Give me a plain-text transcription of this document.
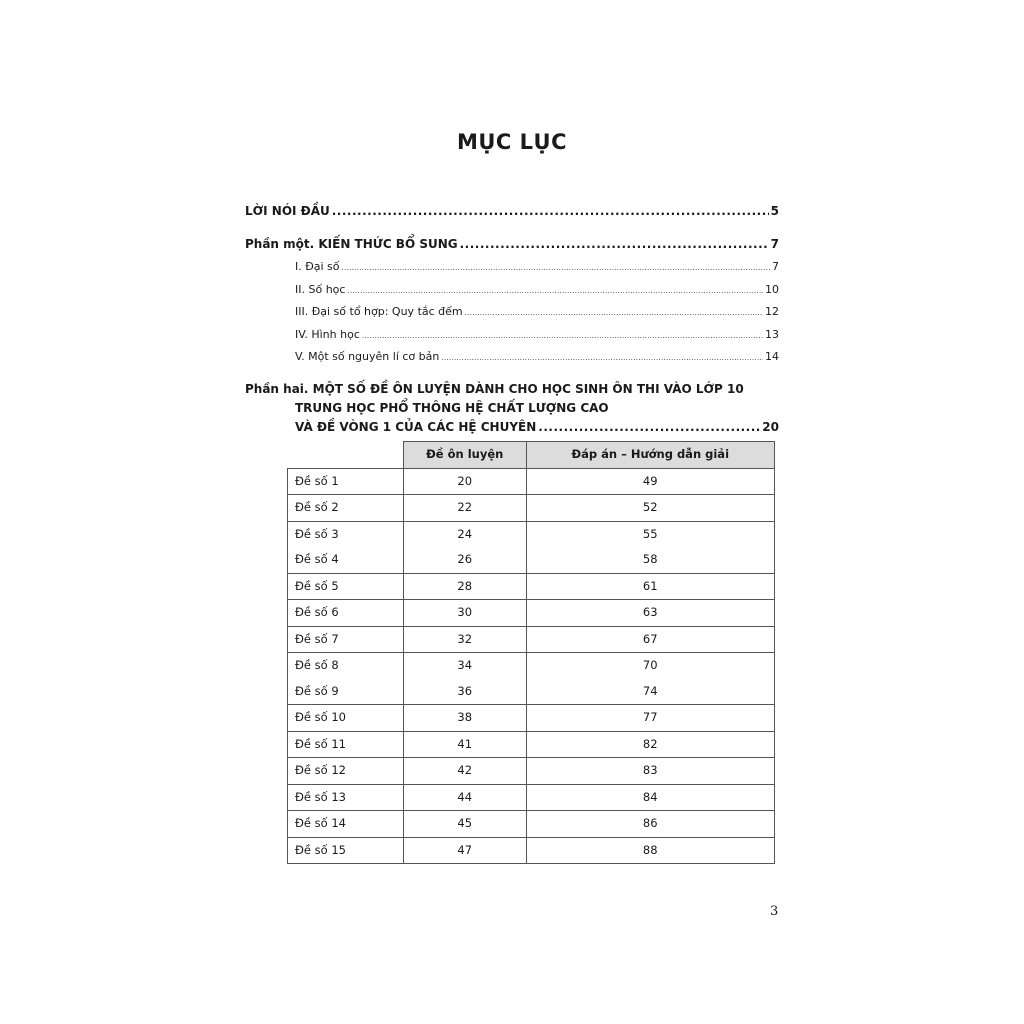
MỤC LỤC
LỜI NÓI ĐẦU .....	5
Phần một. KIẾN THỨC BỔ SUNG .....	7
I. Đại số .....	7
II. Số học .....	10
III. Đại số tổ hợp: Quy tắc đếm .....	12
IV. Hình học .....	13
V. Một số nguyên lí cơ bản .....	14
Phần hai. MỘT SỐ ĐỀ ÔN LUYỆN DÀNH CHO HỌC SINH ÔN THI VÀO LỚP 10
TRUNG HỌC PHỔ THÔNG HỆ CHẤT LƯỢNG CAO
VÀ ĐỀ VÒNG 1 CỦA CÁC HỆ CHUYÊN .....	20
	Đề ôn luyện	Đáp án – Hướng dẫn giải
Đề số 1	20	49
Đề số 2	22	52
Đề số 3	24	55
Đề số 4	26	58
Đề số 5	28	61
Đề số 6	30	63
Đề số 7	32	67
Đề số 8	34	70
Đề số 9	36	74
Đề số 10	38	77
Đề số 11	41	82
Đề số 12	42	83
Đề số 13	44	84
Đề số 14	45	86
Đề số 15	47	88
3
